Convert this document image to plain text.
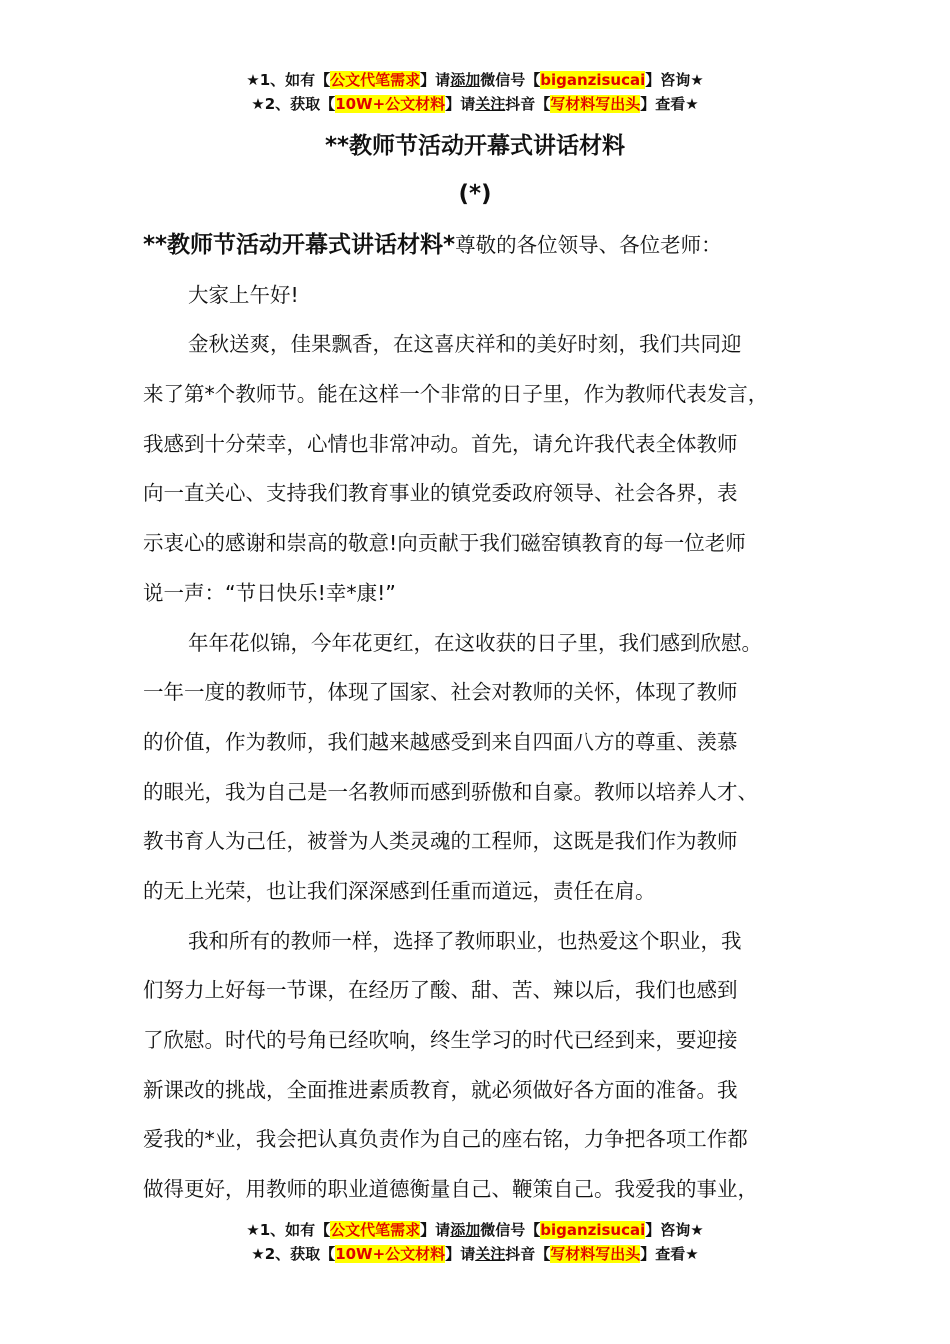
★1、如有【公文代笔需求】请添加微信号【biganzisucai】咨询★
★2、获取【10W+公文材料】请关注抖音【写材料写出头】查看★
**教师节活动开幕式讲话材料
(*)
**教师节活动开幕式讲话材料*尊敬的各位领导、各位老师：
大家上午好!
金秋送爽，佳果飘香，在这喜庆祥和的美好时刻，我们共同迎
来了第*个教师节。能在这样一个非常的日子里，作为教师代表发言，
我感到十分荣幸，心情也非常冲动。首先，请允许我代表全体教师
向一直关心、支持我们教育事业的镇党委政府领导、社会各界，表
示衷心的感谢和崇高的敬意!向贡献于我们磁窑镇教育的每一位老师
说一声：“节日快乐!幸*康!”
年年花似锦，今年花更红，在这收获的日子里，我们感到欣慰。
一年一度的教师节，体现了国家、社会对教师的关怀，体现了教师
的价值，作为教师，我们越来越感受到来自四面八方的尊重、羡慕
的眼光，我为自己是一名教师而感到骄傲和自豪。教师以培养人才、
教书育人为己任，被誉为人类灵魂的工程师，这既是我们作为教师
的无上光荣，也让我们深深感到任重而道远，责任在肩。
我和所有的教师一样，选择了教师职业，也热爱这个职业，我
们努力上好每一节课，在经历了酸、甜、苦、辣以后，我们也感到
了欣慰。时代的号角已经吹响，终生学习的时代已经到来，要迎接
新课改的挑战，全面推进素质教育，就必须做好各方面的准备。我
爱我的*业，我会把认真负责作为自己的座右铭，力争把各项工作都
做得更好，用教师的职业道德衡量自己、鞭策自己。我爱我的事业，
★1、如有【公文代笔需求】请添加微信号【biganzisucai】咨询★
★2、获取【10W+公文材料】请关注抖音【写材料写出头】查看★
